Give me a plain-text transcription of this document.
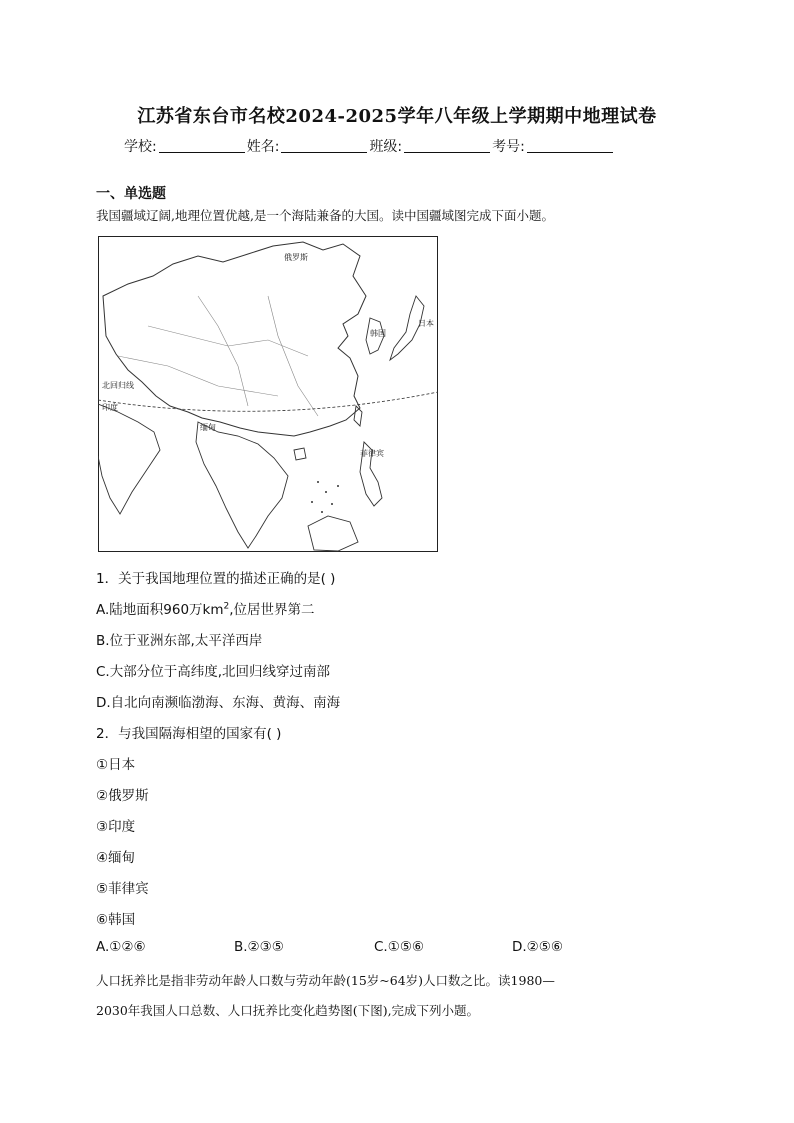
江苏省东台市名校2024-2025学年八年级上学期期中地理试卷
学校:	姓名:	班级:	考号:
一、单选题
我国疆域辽阔,地理位置优越,是一个海陆兼备的大国。读中国疆域图完成下面小题。
俄罗斯
日本
韩国
北回归线
印度
缅甸
菲律宾
1．关于我国地理位置的描述正确的是( )
A.陆地面积960万$km^2$,位居世界第二
B.位于亚洲东部,太平洋西岸
C.大部分位于高纬度,北回归线穿过南部
D.自北向南濒临渤海、东海、黄海、南海
2．与我国隔海相望的国家有( )
①日本
②俄罗斯
③印度
④缅甸
⑤菲律宾
⑥韩国
A.①②⑥	B.②③⑤	C.①⑤⑥	D.②⑤⑥
人口抚养比是指非劳动年龄人口数与劳动年龄(15岁~64岁)人口数之比。读1980—
2030年我国人口总数、人口抚养比变化趋势图(下图),完成下列小题。
